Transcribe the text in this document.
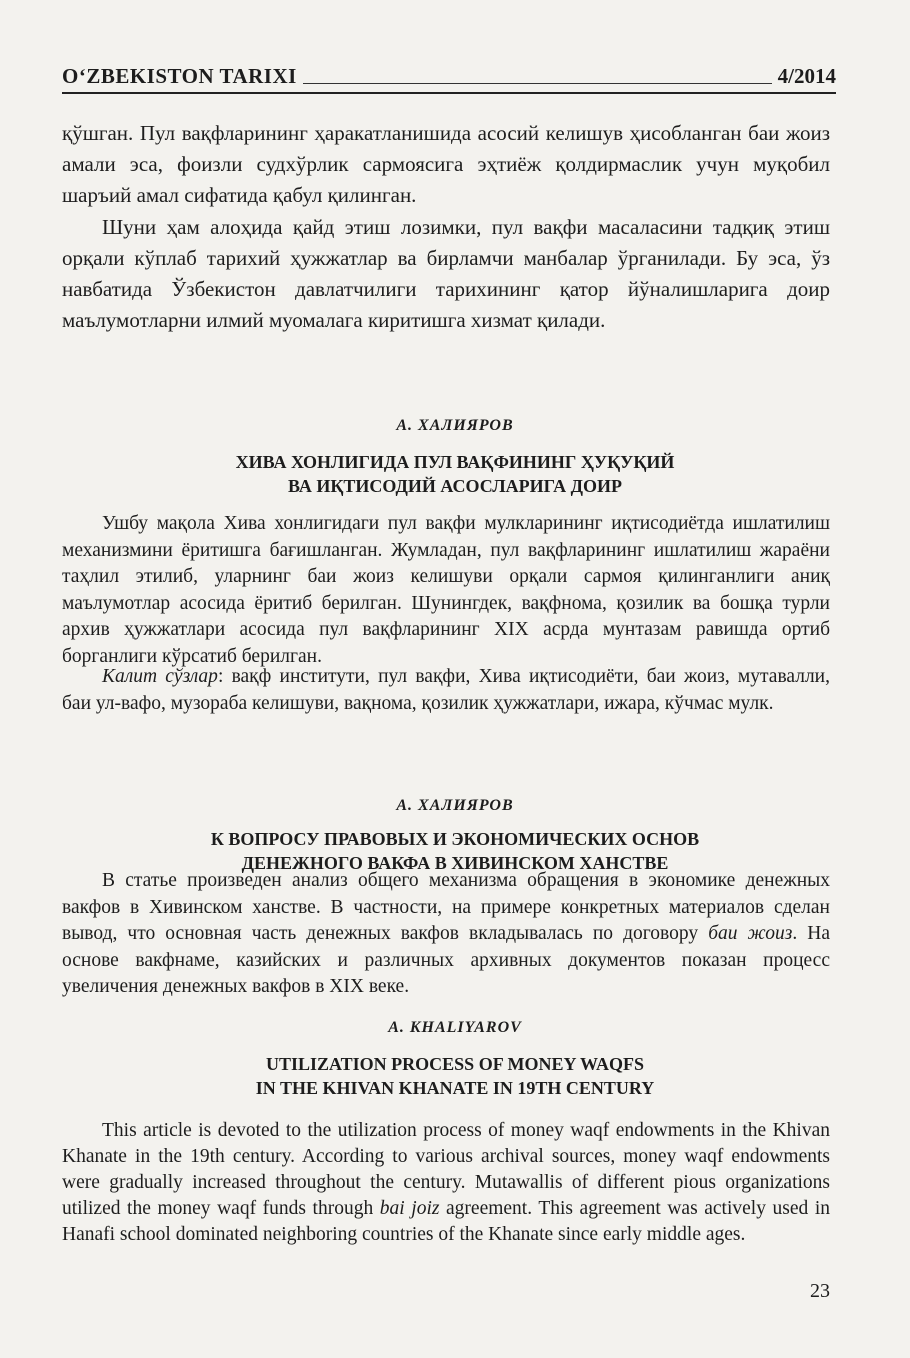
O‘ZBEKISTON TARIXI	4/2014

қўшган. Пул вақфларининг ҳаракатланишида асосий келишув ҳисобланган баи жоиз амали эса, фоизли судхўрлик сармоясига эҳтиёж қолдирмаслик учун муқобил шаръий амал сифатида қабул қилинган.

Шуни ҳам алоҳида қайд этиш лозимки, пул вақфи масаласини тадқиқ этиш орқали кўплаб тарихий ҳужжатлар ва бирламчи манбалар ўрганилади. Бу эса, ўз навбатида Ўзбекистон давлатчилиги тарихининг қатор йўналишларига доир маълумотларни илмий муомалага киритишга хизмат қилади.

А. ХАЛИЯРОВ
ХИВА ХОНЛИГИДА ПУЛ ВАҚФИНИНГ ҲУҚУҚИЙ
ВА ИҚТИСОДИЙ АСОСЛАРИГА ДОИР

Ушбу мақола Хива хонлигидаги пул вақфи мулкларининг иқтисодиётда ишлатилиш механизмини ёритишга бағишланган. Жумладан, пул вақфларининг ишлатилиш жараёни таҳлил этилиб, уларнинг баи жоиз келишуви орқали сармоя қилинганлиги аниқ маълумотлар асосида ёритиб берилган. Шунингдек, вақфнома, қозилик ва бошқа турли архив ҳужжатлари асосида пул вақфларининг XIX асрда мунтазам равишда ортиб борганлиги кўрсатиб берилган.

Калит сўзлар: вақф институти, пул вақфи, Хива иқтисодиёти, баи жоиз, мутавалли, баи ул-вафо, музораба келишуви, вақнома, қозилик ҳужжатлари, ижара, кўчмас мулк.

А. ХАЛИЯРОВ
К ВОПРОСУ ПРАВОВЫХ И ЭКОНОМИЧЕСКИХ ОСНОВ
ДЕНЕЖНОГО ВАКФА В ХИВИНСКОМ ХАНСТВЕ

В статье произведен анализ общего механизма обращения в экономике денежных вакфов в Хивинском ханстве. В частности, на примере конкретных материалов сделан вывод, что основная часть денежных вакфов вкладывалась по договору баи жоиз. На основе вакфнаме, казийских и различных архивных документов показан процесс увеличения денежных вакфов в XIX веке.

A. KHALIYAROV
UTILIZATION PROCESS OF MONEY WAQFS
IN THE KHIVAN KHANATE IN 19TH CENTURY

This article is devoted to the utilization process of money waqf endowments in the Khivan Khanate in the 19th century. According to various archival sources, money waqf endowments were gradually increased throughout the century. Mutawallis of different pious organizations utilized the money waqf funds through bai joiz agreement. This agreement was actively used in Hanafi school dominated neighboring countries of the Khanate since early middle ages.

23
